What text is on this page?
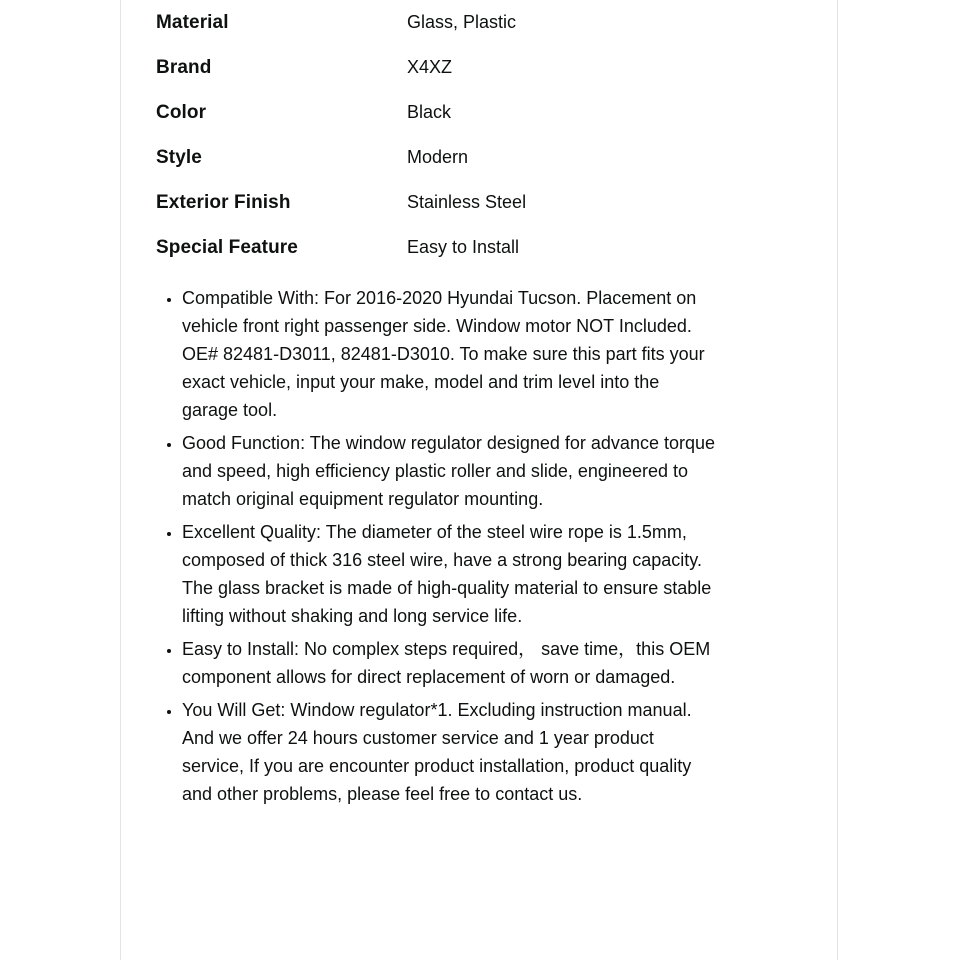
Material	Glass, Plastic
Brand	X4XZ
Color	Black
Style	Modern
Exterior Finish	Stainless Steel
Special Feature	Easy to Install
• Compatible With: For 2016-2020 Hyundai Tucson. Placement on vehicle front right passenger side. Window motor NOT Included. OE# 82481-D3011, 82481-D3010. To make sure this part fits your exact vehicle, input your make, model and trim level into the garage tool.
• Good Function: The window regulator designed for advance torque and speed, high efficiency plastic roller and slide, engineered to match original equipment regulator mounting.
• Excellent Quality: The diameter of the steel wire rope is 1.5mm, composed of thick 316 steel wire, have a strong bearing capacity. The glass bracket is made of high-quality material to ensure stable lifting without shaking and long service life.
• Easy to Install: No complex steps required， save time，this OEM component allows for direct replacement of worn or damaged.
• You Will Get: Window regulator*1. Excluding instruction manual. And we offer 24 hours customer service and 1 year product service, If you are encounter product installation, product quality and other problems, please feel free to contact us.
